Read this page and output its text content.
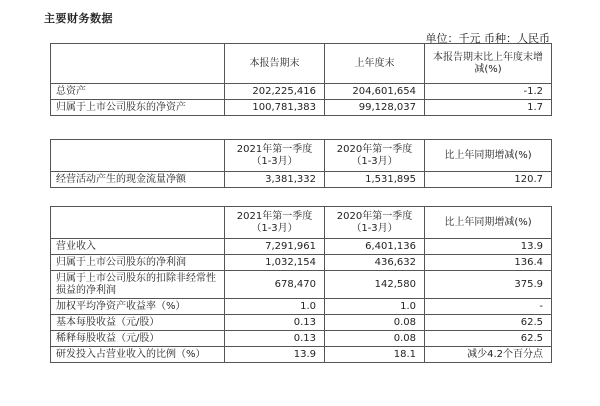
主要财务数据
单位：千元 币种：人民币
	本报告期末	上年度末	本报告期末比上年度末增减(%)
总资产	202,225,416	204,601,654	-1.2
归属于上市公司股东的净资产	100,781,383	99,128,037	1.7
	2021年第一季度（1-3月）	2020年第一季度（1-3月）	比上年同期增减(%)
经营活动产生的现金流量净额	3,381,332	1,531,895	120.7
	2021年第一季度（1-3月）	2020年第一季度（1-3月）	比上年同期增减(%)
营业收入	7,291,961	6,401,136	13.9
归属于上市公司股东的净利润	1,032,154	436,632	136.4
归属于上市公司股东的扣除非经常性损益的净利润	678,470	142,580	375.9
加权平均净资产收益率（%）	1.0	1.0	-
基本每股收益（元/股）	0.13	0.08	62.5
稀释每股收益（元/股）	0.13	0.08	62.5
研发投入占营业收入的比例（%）	13.9	18.1	减少4.2个百分点
